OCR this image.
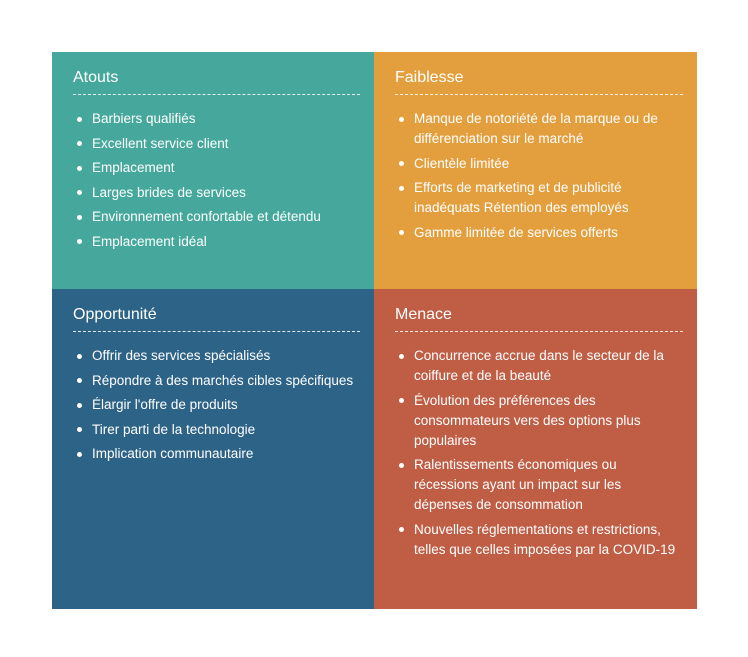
Atouts
Barbiers qualifiés
Excellent service client
Emplacement
Larges brides de services
Environnement confortable et détendu
Emplacement idéal
Faiblesse
Manque de notoriété de la marque ou de différenciation sur le marché
Clientèle limitée
Efforts de marketing et de publicité inadéquats Rétention des employés
Gamme limitée de services offerts
Opportunité
Offrir des services spécialisés
Répondre à des marchés cibles spécifiques
Élargir l'offre de produits
Tirer parti de la technologie
Implication communautaire
Menace
Concurrence accrue dans le secteur de la coiffure et de la beauté
Évolution des préférences des consommateurs vers des options plus populaires
Ralentissements économiques ou récessions ayant un impact sur les dépenses de consommation
Nouvelles réglementations et restrictions, telles que celles imposées par la COVID-19
